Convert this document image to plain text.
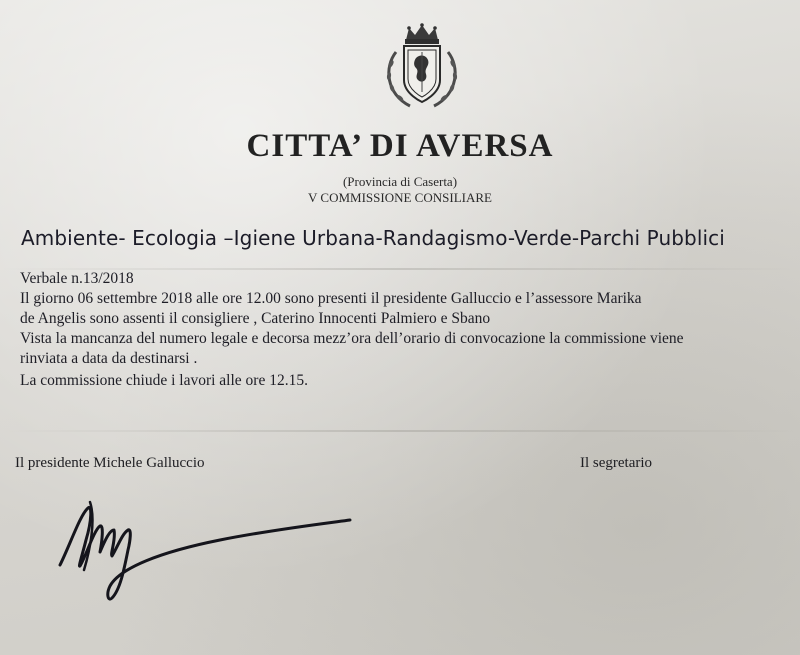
CITTA’ DI AVERSA
(Provincia di Caserta)
V COMMISSIONE CONSILIARE
Ambiente- Ecologia –Igiene Urbana-Randagismo-Verde-Parchi Pubblici
Verbale n.13/2018
Il giorno 06 settembre 2018 alle ore 12.00 sono presenti il presidente Galluccio e l’assessore Marika
de Angelis sono assenti il consigliere , Caterino Innocenti Palmiero e Sbano
Vista la mancanza del numero legale e decorsa mezz’ora dell’orario di convocazione la commissione viene
rinviata a data da destinarsi .
La commissione chiude i lavori alle ore 12.15.
Il presidente Michele Galluccio	Il segretario
